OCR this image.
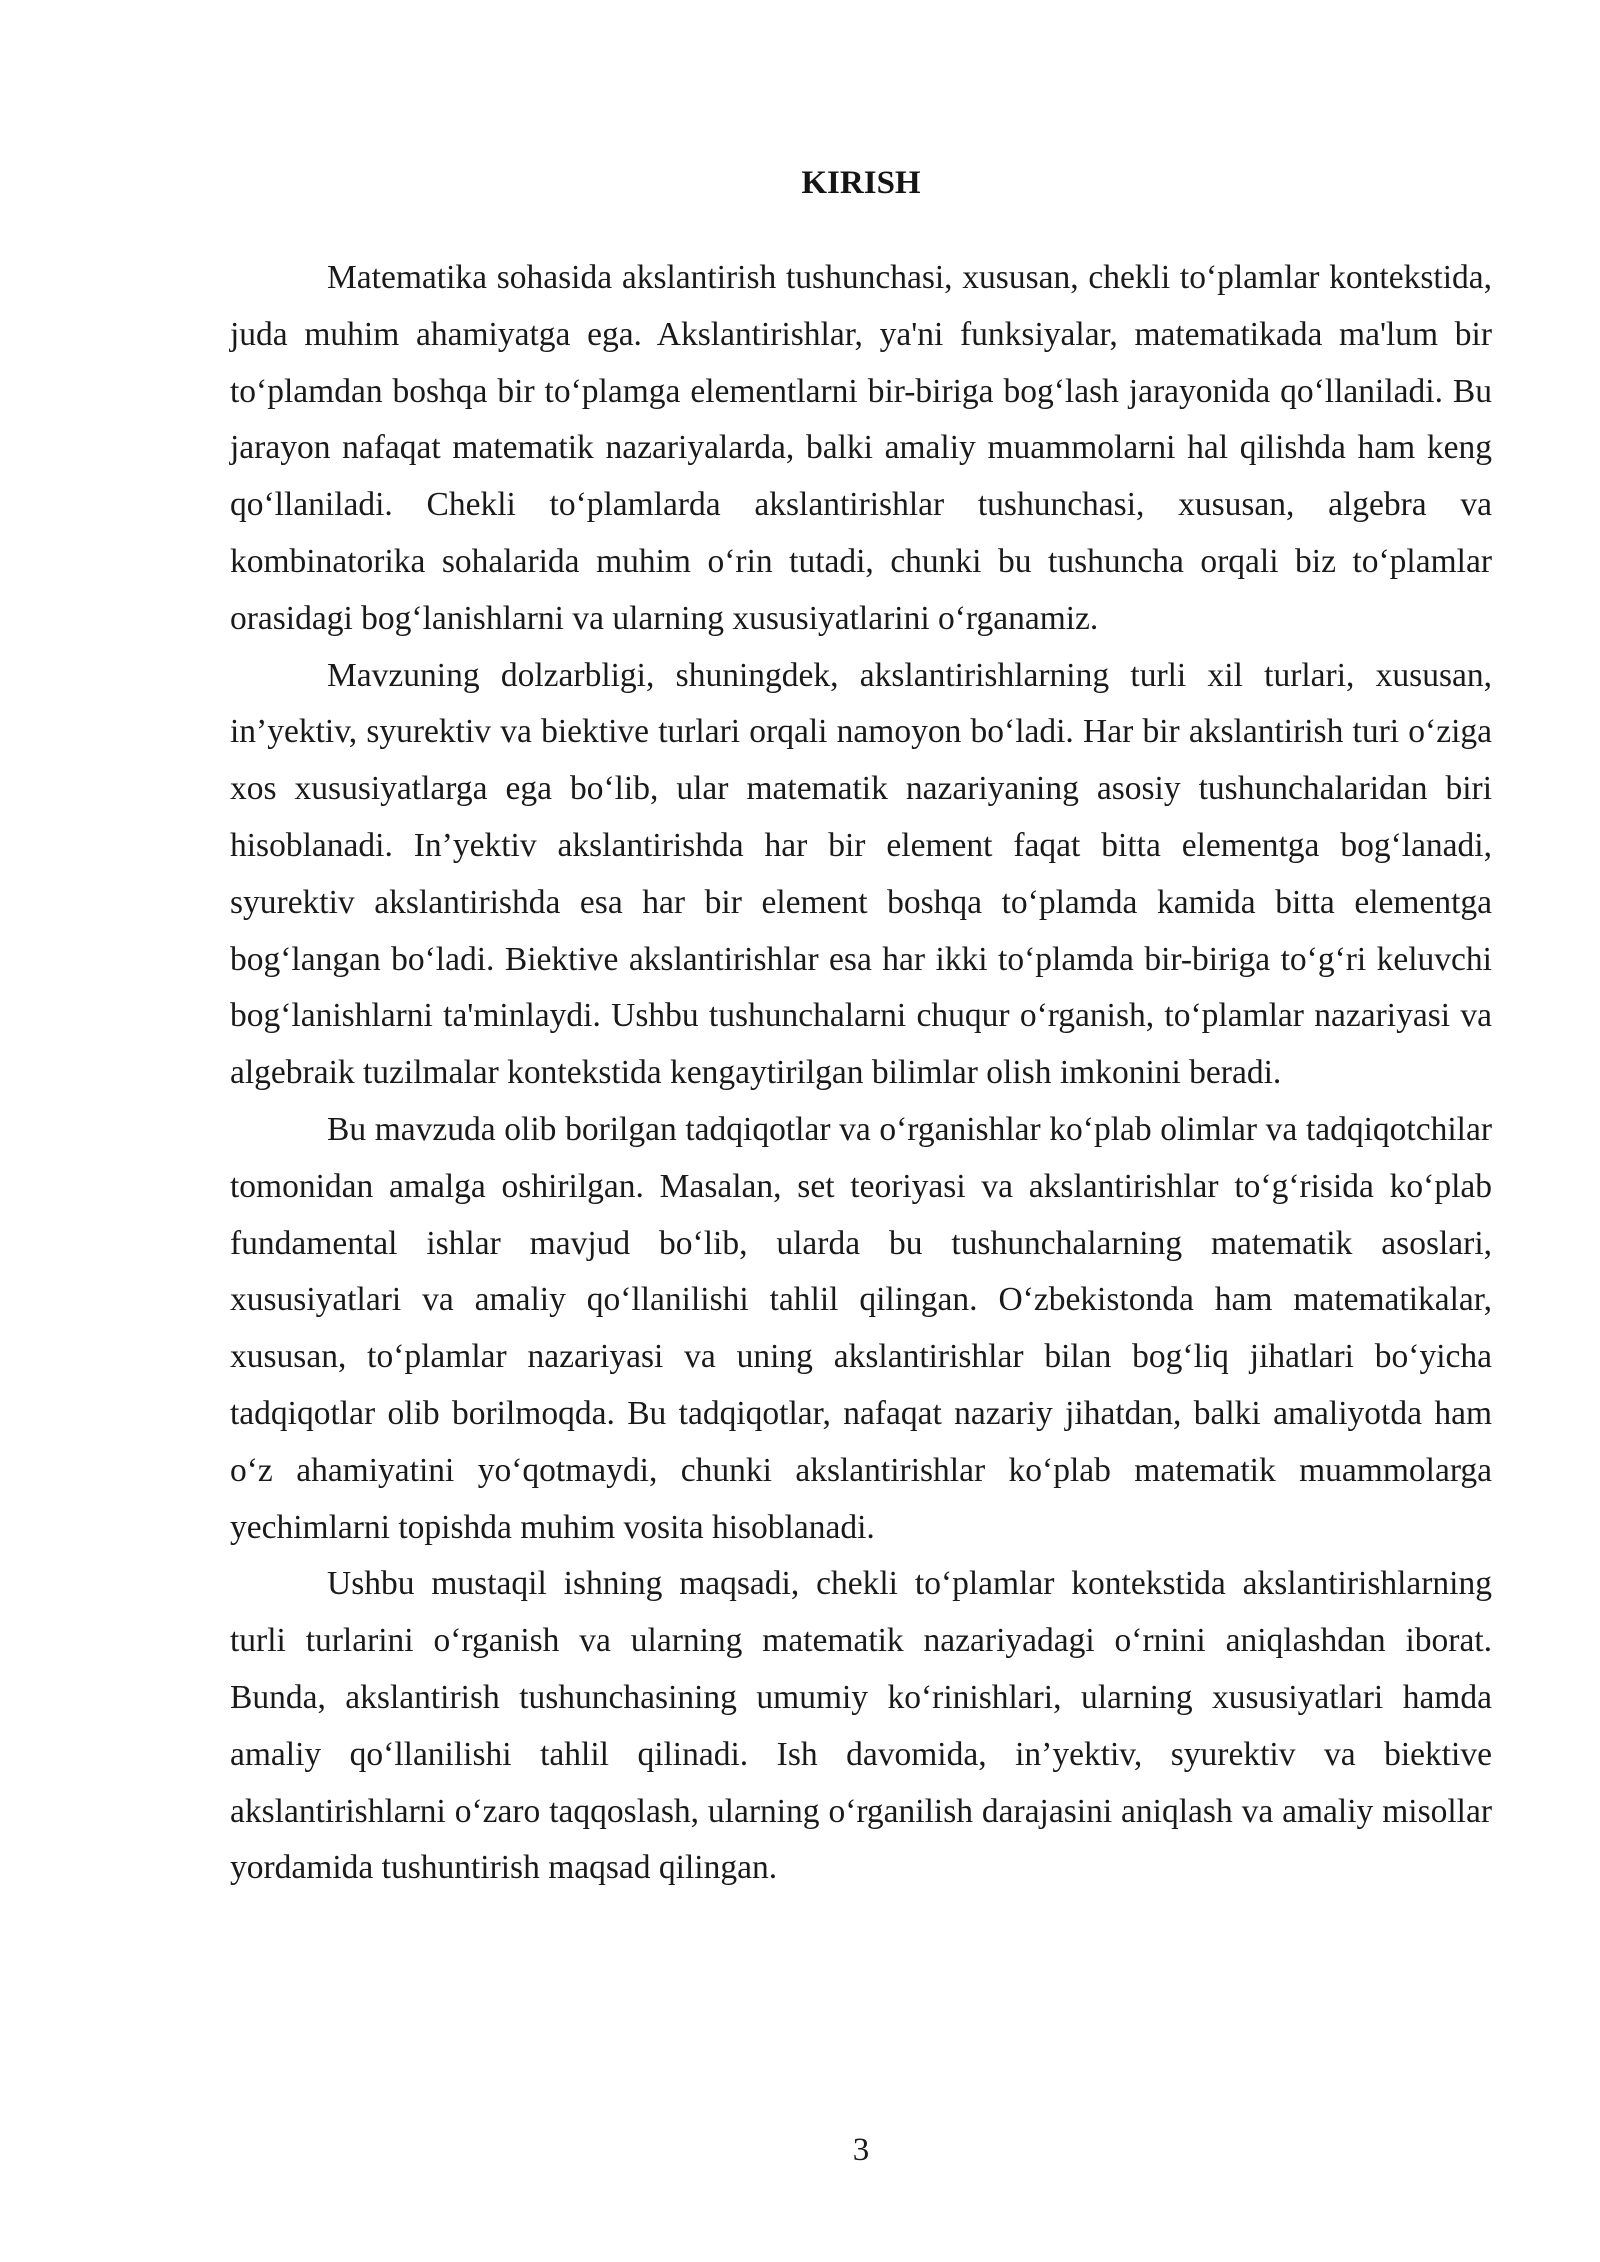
KIRISH

Matematika sohasida akslantirish tushunchasi, xususan, chekli to‘plamlar kontekstida, juda muhim ahamiyatga ega. Akslantirishlar, ya'ni funksiyalar, matematikada ma'lum bir to‘plamdan boshqa bir to‘plamga elementlarni bir-biriga bog‘lash jarayonida qo‘llaniladi. Bu jarayon nafaqat matematik nazariyalarda, balki amaliy muammolarni hal qilishda ham keng qo‘llaniladi. Chekli to‘plamlarda akslantirishlar tushunchasi, xususan, algebra va kombinatorika sohalarida muhim o‘rin tutadi, chunki bu tushuncha orqali biz to‘plamlar orasidagi bog‘lanishlarni va ularning xususiyatlarini o‘rganamiz.

Mavzuning dolzarbligi, shuningdek, akslantirishlarning turli xil turlari, xususan, in’yektiv, syurektiv va biektive turlari orqali namoyon bo‘ladi. Har bir akslantirish turi o‘ziga xos xususiyatlarga ega bo‘lib, ular matematik nazariyaning asosiy tushunchalaridan biri hisoblanadi. In’yektiv akslantirishda har bir element faqat bitta elementga bog‘lanadi, syurektiv akslantirishda esa har bir element boshqa to‘plamda kamida bitta elementga bog‘langan bo‘ladi. Biektive akslantirishlar esa har ikki to‘plamda bir-biriga to‘g‘ri keluvchi bog‘lanishlarni ta'minlaydi. Ushbu tushunchalarni chuqur o‘rganish, to‘plamlar nazariyasi va algebraik tuzilmalar kontekstida kengaytirilgan bilimlar olish imkonini beradi.

Bu mavzuda olib borilgan tadqiqotlar va o‘rganishlar ko‘plab olimlar va tadqiqotchilar tomonidan amalga oshirilgan. Masalan, set teoriyasi va akslantirishlar to‘g‘risida ko‘plab fundamental ishlar mavjud bo‘lib, ularda bu tushunchalarning matematik asoslari, xususiyatlari va amaliy qo‘llanilishi tahlil qilingan. O‘zbekistonda ham matematikalar, xususan, to‘plamlar nazariyasi va uning akslantirishlar bilan bog‘liq jihatlari bo‘yicha tadqiqotlar olib borilmoqda. Bu tadqiqotlar, nafaqat nazariy jihatdan, balki amaliyotda ham o‘z ahamiyatini yo‘qotmaydi, chunki akslantirishlar ko‘plab matematik muammolarga yechimlarni topishda muhim vosita hisoblanadi.

Ushbu mustaqil ishning maqsadi, chekli to‘plamlar kontekstida akslantirishlarning turli turlarini o‘rganish va ularning matematik nazariyadagi o‘rnini aniqlashdan iborat. Bunda, akslantirish tushunchasining umumiy ko‘rinishlari, ularning xususiyatlari hamda amaliy qo‘llanilishi tahlil qilinadi. Ish davomida, in’yektiv, syurektiv va biektive akslantirishlarni o‘zaro taqqoslash, ularning o‘rganilish darajasini aniqlash va amaliy misollar yordamida tushuntirish maqsad qilingan.

3
